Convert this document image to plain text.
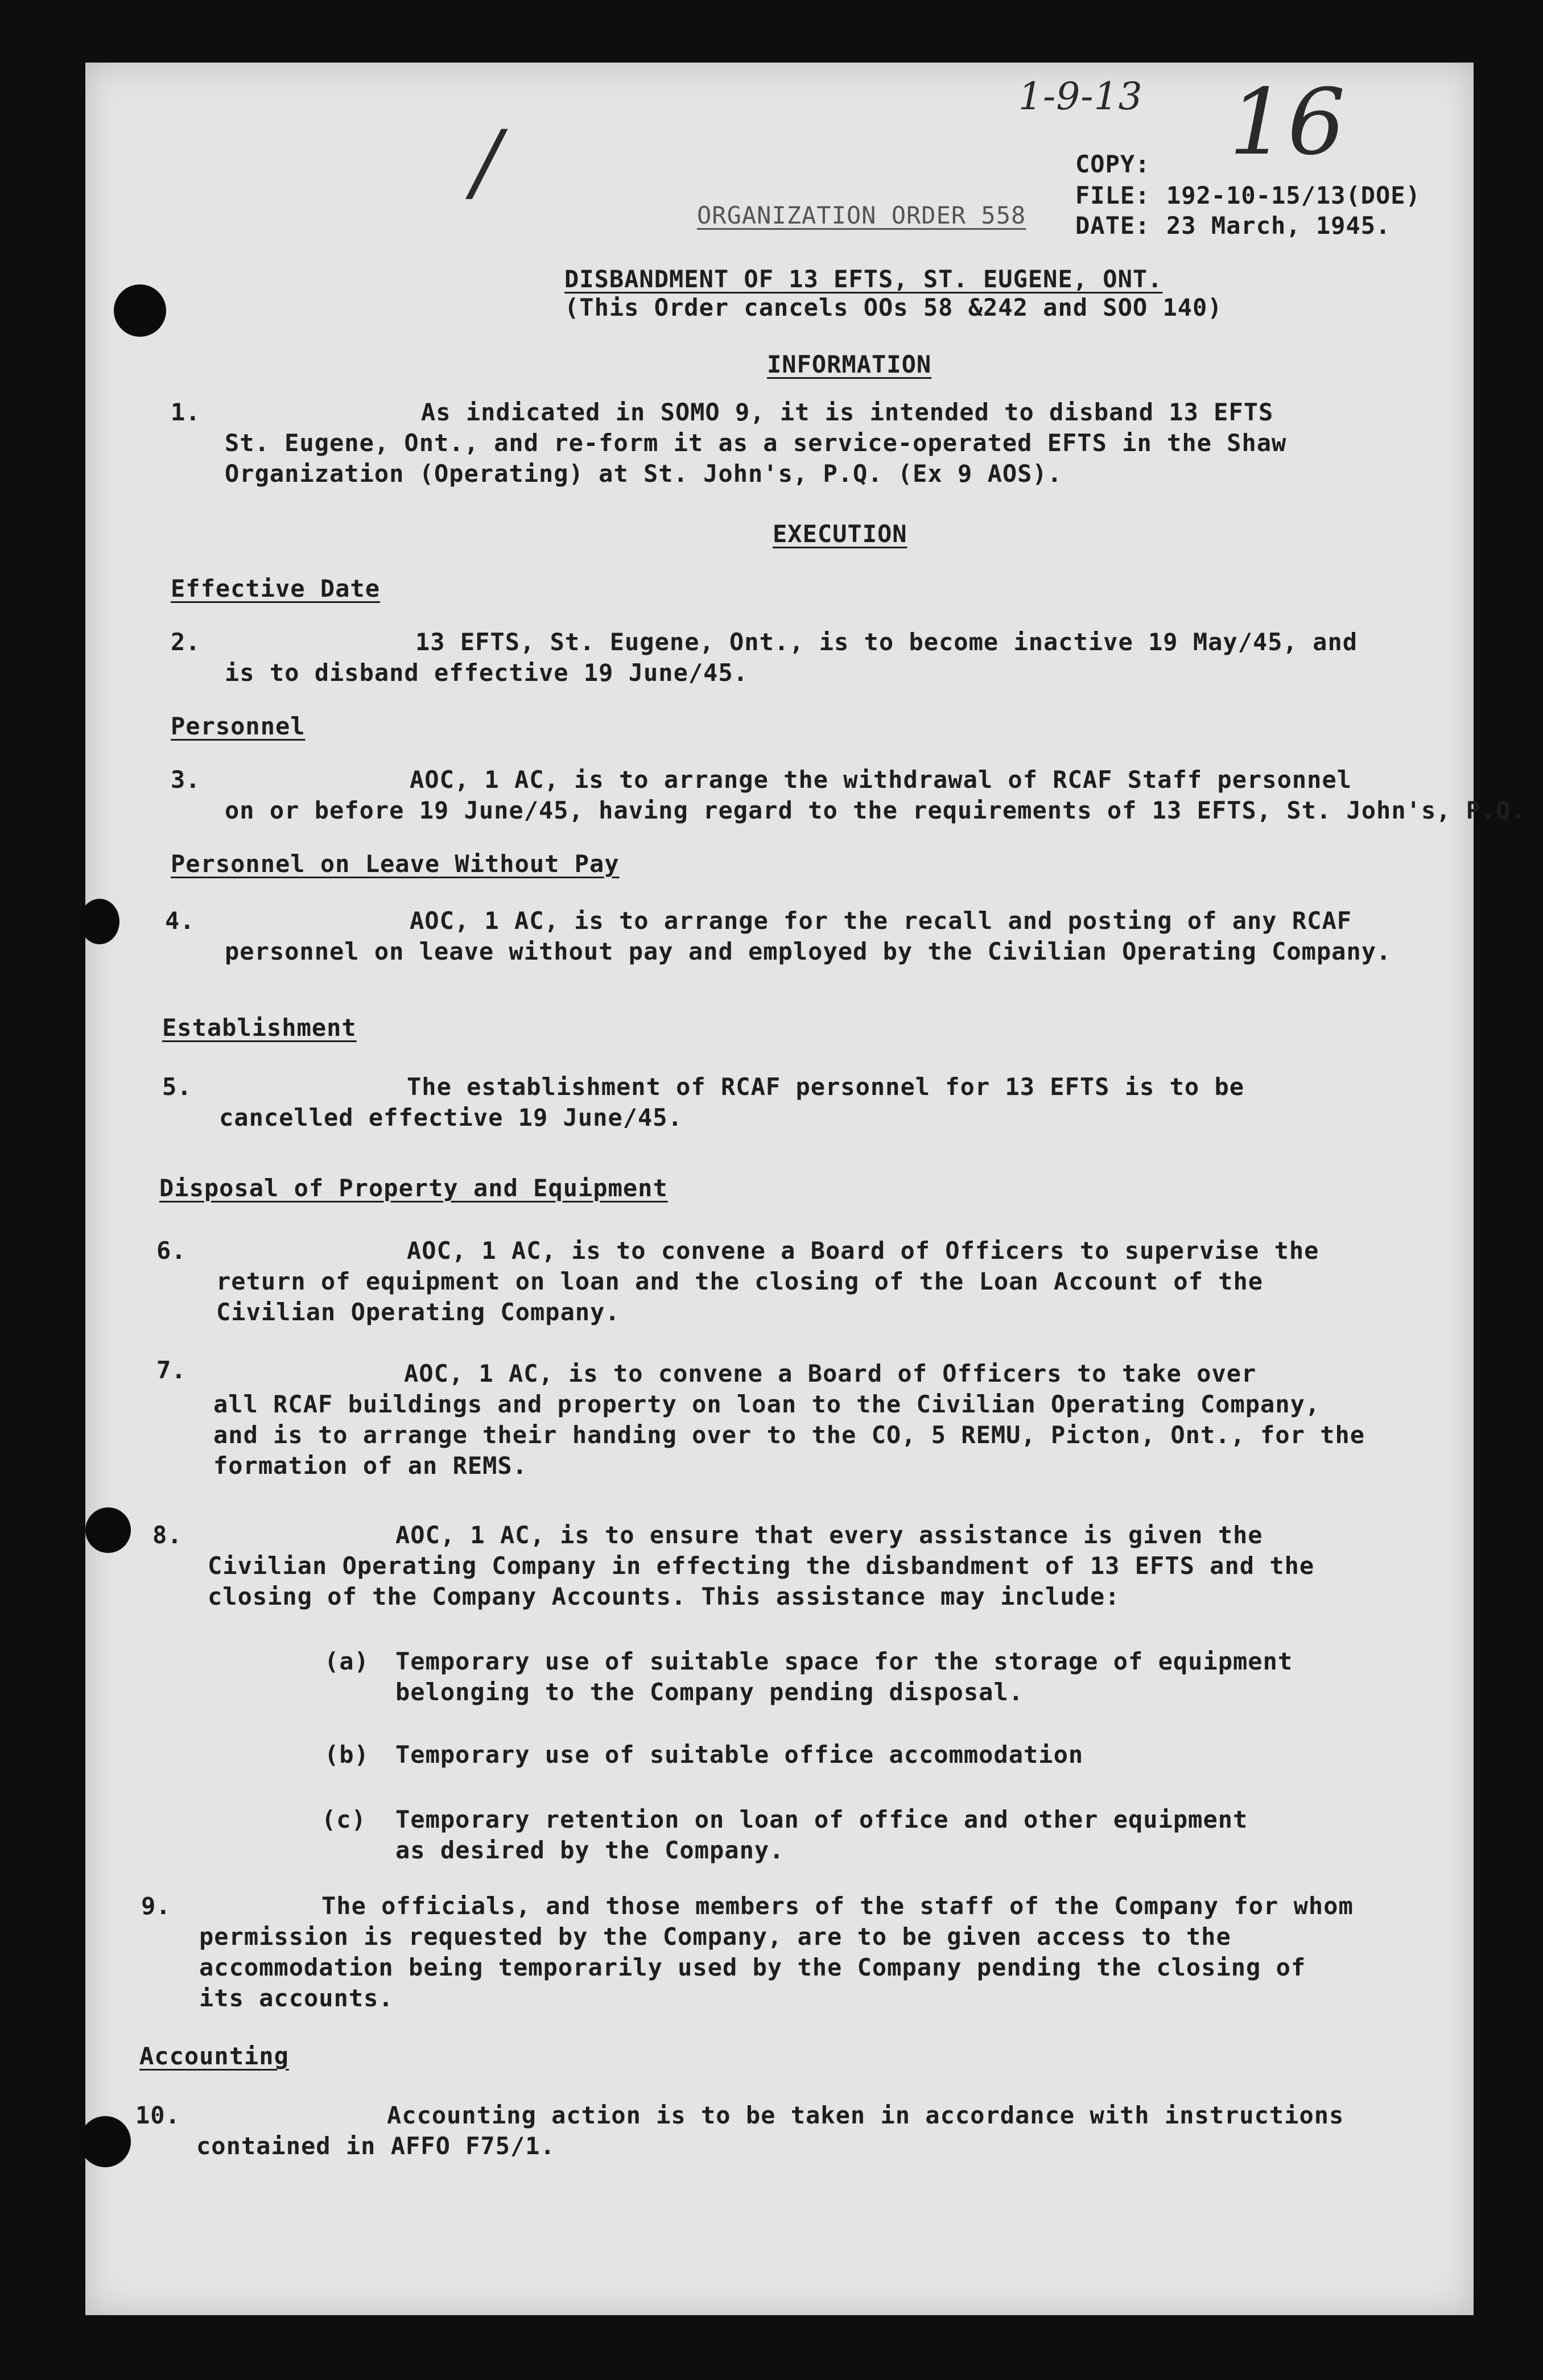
/
1-9-13 16
COPY:
FILE: 192-10-15/13(DOE)
DATE: 23 March, 1945.
ORGANIZATION ORDER 558
DISBANDMENT OF 13 EFTS, ST. EUGENE, ONT.
(This Order cancels OOs 58 &242 and SOO 140)
INFORMATION
1.	As indicated in SOMO 9, it is intended to disband 13 EFTS
St. Eugene, Ont., and re-form it as a service-operated EFTS in the Shaw
Organization (Operating) at St. John's, P.Q. (Ex 9 AOS).
EXECUTION
Effective Date
2.	13 EFTS, St. Eugene, Ont., is to become inactive 19 May/45, and
is to disband effective 19 June/45.
Personnel
3.	AOC, 1 AC, is to arrange the withdrawal of RCAF Staff personnel
on or before 19 June/45, having regard to the requirements of 13 EFTS, St. John's, P.Q.
Personnel on Leave Without Pay
4.	AOC, 1 AC, is to arrange for the recall and posting of any RCAF
personnel on leave without pay and employed by the Civilian Operating Company.
Establishment
5.	The establishment of RCAF personnel for 13 EFTS is to be
cancelled effective 19 June/45.
Disposal of Property and Equipment
6.	AOC, 1 AC, is to convene a Board of Officers to supervise the
return of equipment on loan and the closing of the Loan Account of the
Civilian Operating Company.
7.	AOC, 1 AC, is to convene a Board of Officers to take over
all RCAF buildings and property on loan to the Civilian Operating Company,
and is to arrange their handing over to the CO, 5 REMU, Picton, Ont., for the
formation of an REMS.
8.	AOC, 1 AC, is to ensure that every assistance is given the
Civilian Operating Company in effecting the disbandment of 13 EFTS and the
closing of the Company Accounts. This assistance may include:
(a) Temporary use of suitable space for the storage of equipment
belonging to the Company pending disposal.
(b) Temporary use of suitable office accommodation
(c) Temporary retention on loan of office and other equipment
as desired by the Company.
9.	The officials, and those members of the staff of the Company for whom
permission is requested by the Company, are to be given access to the
accommodation being temporarily used by the Company pending the closing of
its accounts.
Accounting
10.	Accounting action is to be taken in accordance with instructions
contained in AFFO F75/1.
